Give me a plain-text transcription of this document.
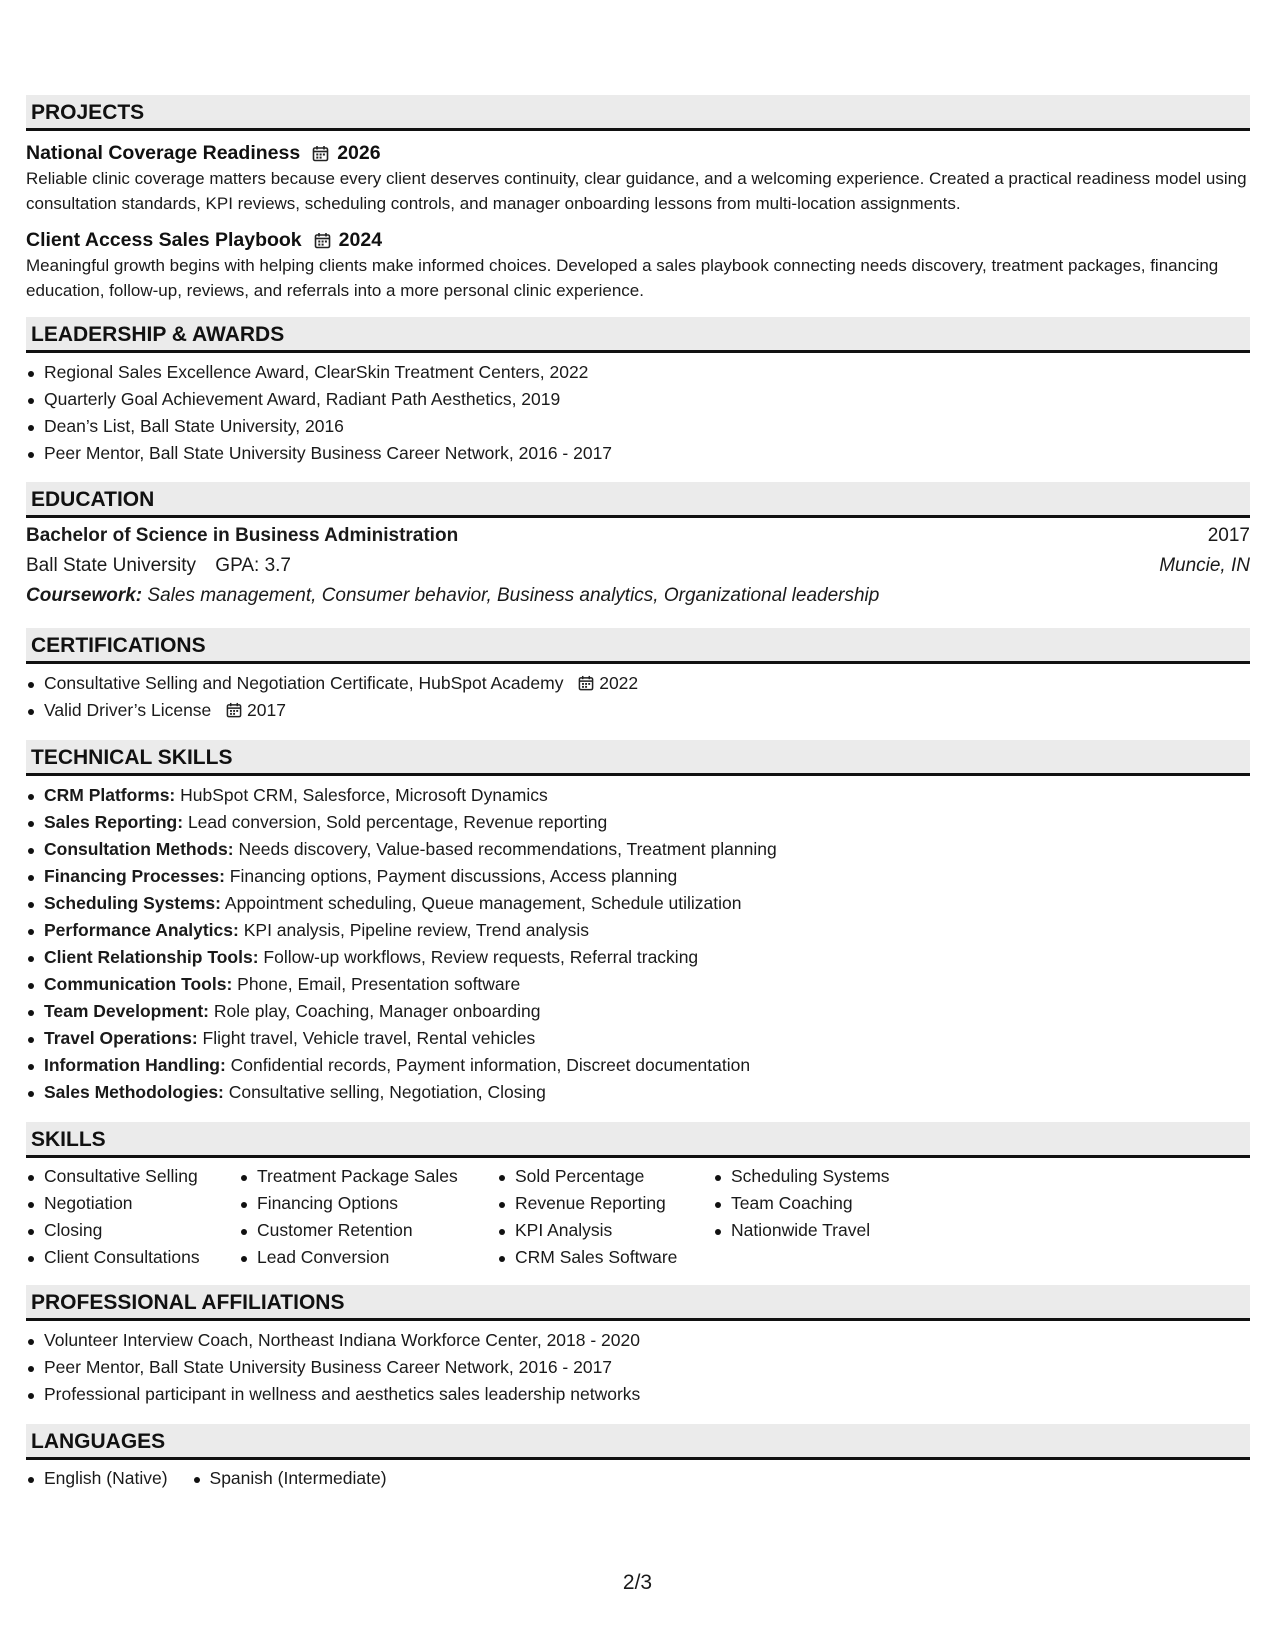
PROJECTS
National Coverage Readiness 2026
Reliable clinic coverage matters because every client deserves continuity, clear guidance, and a welcoming experience. Created a practical readiness model using consultation standards, KPI reviews, scheduling controls, and manager onboarding lessons from multi-location assignments.
Client Access Sales Playbook 2024
Meaningful growth begins with helping clients make informed choices. Developed a sales playbook connecting needs discovery, treatment packages, financing education, follow-up, reviews, and referrals into a more personal clinic experience.
LEADERSHIP & AWARDS
Regional Sales Excellence Award, ClearSkin Treatment Centers, 2022
Quarterly Goal Achievement Award, Radiant Path Aesthetics, 2019
Dean’s List, Ball State University, 2016
Peer Mentor, Ball State University Business Career Network, 2016 - 2017
EDUCATION
Bachelor of Science in Business Administration	2017
Ball State University GPA: 3.7	Muncie, IN
Coursework:
Sales management, Consumer behavior, Business analytics, Organizational leadership
CERTIFICATIONS
Consultative Selling and Negotiation Certificate, HubSpot Academy 2022
Valid Driver’s License 2017
TECHNICAL SKILLS
CRM Platforms: HubSpot CRM, Salesforce, Microsoft Dynamics
Sales Reporting: Lead conversion, Sold percentage, Revenue reporting
Consultation Methods: Needs discovery, Value-based recommendations, Treatment planning
Financing Processes: Financing options, Payment discussions, Access planning
Scheduling Systems: Appointment scheduling, Queue management, Schedule utilization
Performance Analytics: KPI analysis, Pipeline review, Trend analysis
Client Relationship Tools: Follow-up workflows, Review requests, Referral tracking
Communication Tools: Phone, Email, Presentation software
Team Development: Role play, Coaching, Manager onboarding
Travel Operations: Flight travel, Vehicle travel, Rental vehicles
Information Handling: Confidential records, Payment information, Discreet documentation
Sales Methodologies: Consultative selling, Negotiation, Closing
SKILLS
Consultative Selling
Negotiation
Closing
Client Consultations
Treatment Package Sales
Financing Options
Customer Retention
Lead Conversion
Sold Percentage
Revenue Reporting
KPI Analysis
CRM Sales Software
Scheduling Systems
Team Coaching
Nationwide Travel
PROFESSIONAL AFFILIATIONS
Volunteer Interview Coach, Northeast Indiana Workforce Center, 2018 - 2020
Peer Mentor, Ball State University Business Career Network, 2016 - 2017
Professional participant in wellness and aesthetics sales leadership networks
LANGUAGES
English (Native)	Spanish (Intermediate)
2/3
